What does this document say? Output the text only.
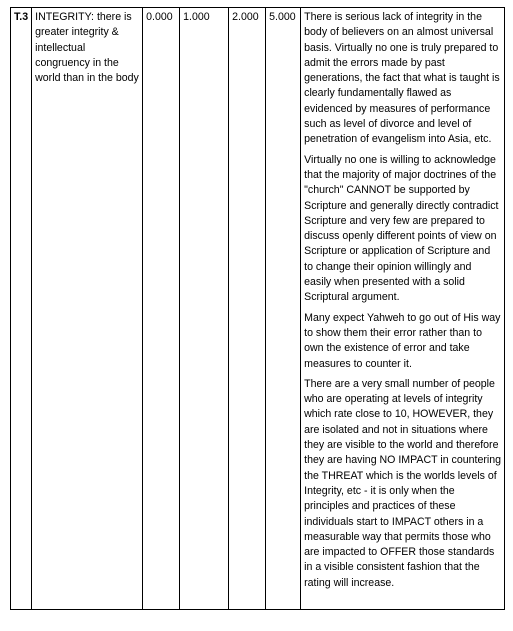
T.3	INTEGRITY: there is greater integrity & intellectual congruency in the world than in the body	0.000	1.000	2.000	5.000	There is serious lack of integrity in the body of believers on an almost universal basis. Virtually no one is truly prepared to admit the errors made by past generations, the fact that what is taught is clearly fundamentally flawed as evidenced by measures of performance such as level of divorce and level of penetration of evangelism into Asia, etc.

Virtually no one is willing to acknowledge that the majority of major doctrines of the "church" CANNOT be supported by Scripture and generally directly contradict Scripture and very few are prepared to discuss openly different points of view on Scripture or application of Scripture and to change their opinion willingly and easily when presented with a solid Scriptural argument.

Many expect Yahweh to go out of His way to show them their error rather than to own the existence of error and take measures to counter it.

There are a very small number of people who are operating at levels of integrity which rate close to 10, HOWEVER, they are isolated and not in situations where they are visible to the world and therefore they are having NO IMPACT in countering the THREAT which is the worlds levels of Integrity, etc - it is only when the principles and practices of these individuals start to IMPACT others in a measurable way that permits those who are impacted to OFFER those standards in a visible consistent fashion that the rating will increase.
